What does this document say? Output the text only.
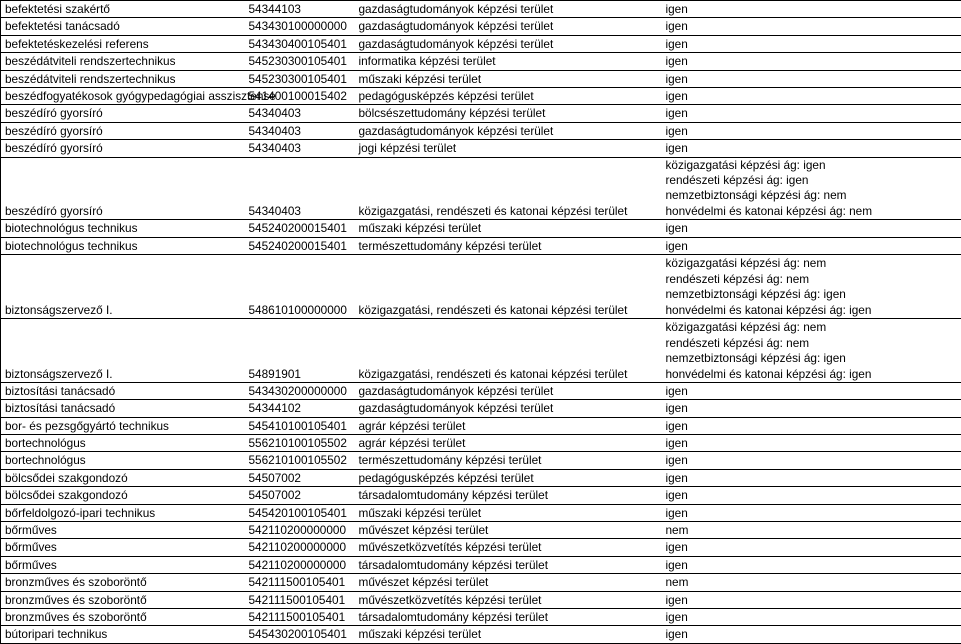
befektetési szakértő	54344103	gazdaságtudományok képzési terület	igen
befektetési tanácsadó	543430100000000	gazdaságtudományok képzési terület	igen
befektetéskezelési referens	543430400105401	gazdaságtudományok képzési terület	igen
beszédátviteli rendszertechnikus	545230300105401	informatika képzési terület	igen
beszédátviteli rendszertechnikus	545230300105401	műszaki képzési terület	igen
beszédfogyatékosok gyógypedagógiai asszisztense	541400100015402	pedagógusképzés képzési terület	igen
beszédíró gyorsíró	54340403	bölcsészettudomány képzési terület	igen
beszédíró gyorsíró	54340403	gazdaságtudományok képzési terület	igen
beszédíró gyorsíró	54340403	jogi képzési terület	igen
beszédíró gyorsíró	54340403	közigazgatási, rendészeti és katonai képzési terület	közigazgatási képzési ág: igen
rendészeti képzési ág: igen
nemzetbiztonsági képzési ág: nem
honvédelmi és katonai képzési ág: nem

biotechnológus technikus	545240200015401	műszaki képzési terület	igen
biotechnológus technikus	545240200015401	természettudomány képzési terület	igen
biztonságszervező I.	548610100000000	közigazgatási, rendészeti és katonai képzési terület	közigazgatási képzési ág: nem
rendészeti képzési ág: nem
nemzetbiztonsági képzési ág: igen
honvédelmi és katonai képzési ág: igen

biztonságszervező I.	54891901	közigazgatási, rendészeti és katonai képzési terület	közigazgatási képzési ág: nem
rendészeti képzési ág: nem
nemzetbiztonsági képzési ág: igen
honvédelmi és katonai képzési ág: igen

biztosítási tanácsadó	543430200000000	gazdaságtudományok képzési terület	igen
biztosítási tanácsadó	54344102	gazdaságtudományok képzési terület	igen
bor- és pezsgőgyártó technikus	545410100105401	agrár képzési terület	igen
bortechnológus	556210100105502	agrár képzési terület	igen
bortechnológus	556210100105502	természettudomány képzési terület	igen
bölcsődei szakgondozó	54507002	pedagógusképzés képzési terület	igen
bölcsődei szakgondozó	54507002	társadalomtudomány képzési terület	igen
bőrfeldolgozó-ipari technikus	545420100105401	műszaki képzési terület	igen
bőrműves	542110200000000	művészet képzési terület	nem
bőrműves	542110200000000	művészetközvetítés képzési terület	igen
bőrműves	542110200000000	társadalomtudomány képzési terület	igen
bronzműves és szoboröntő	542111500105401	művészet képzési terület	nem
bronzműves és szoboröntő	542111500105401	művészetközvetítés képzési terület	igen
bronzműves és szoboröntő	542111500105401	társadalomtudomány képzési terület	igen
bútoripari technikus	545430200105401	műszaki képzési terület	igen
